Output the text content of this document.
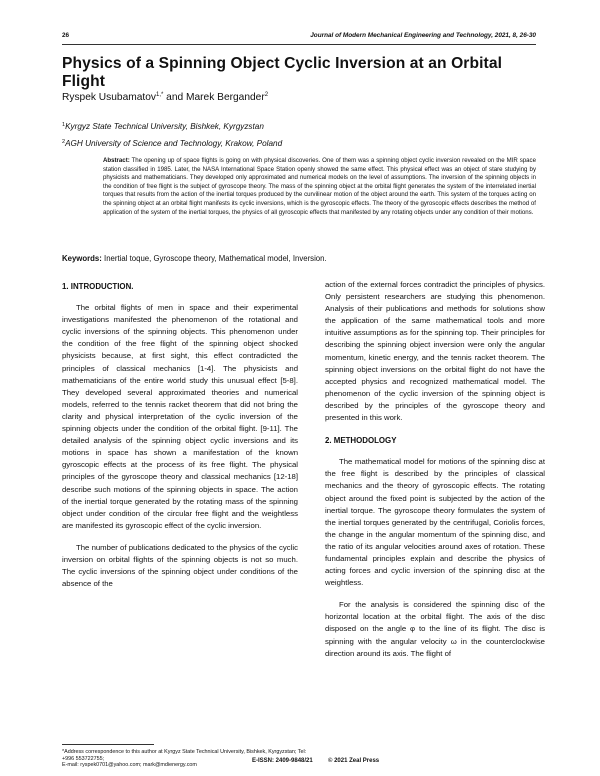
26	Journal of Modern Mechanical Engineering and Technology, 2021, 8, 26-30
Physics of a Spinning Object Cyclic Inversion at an Orbital Flight
Ryspek Usubamatov$^{1,*}$ and Marek Bergander$^2$
$^1$Kyrgyz State Technical University, Bishkek, Kyrgyzstan
$^2$AGH University of Science and Technology, Krakow, Poland
Abstract: The opening up of space flights is going on with physical discoveries. One of them was a spinning object cyclic inversion revealed on the MIR space station classified in 1985. Later, the NASA International Space Station openly showed the same effect. This physical effect was an object of stare studying by physicists and mathematicians. They developed only approximated and numerical models on the level of assumptions. The inversion of the spinning objects in the condition of free flight is the subject of gyroscope theory. The mass of the spinning object at the orbital flight generates the system of the interrelated inertial torques that results from the action of the inertial torques produced by the curvilinear motion of the object around the earth. This system of the torques acting on the spinning object at an orbital flight manifests its cyclic inversions, which is the gyroscopic effects. The theory of the gyroscopic effects describes the method of application of the system of the inertial torques, the physics of all gyroscopic effects that manifested by any rotating objects under any condition of their motions.
Keywords: Inertial toque, Gyroscope theory, Mathematical model, Inversion.
1. INTRODUCTION.

The orbital flights of men in space and their experimental investigations manifested the phenomenon of the rotational and cyclic inversions of the spinning objects. This phenomenon under the condition of the free flight of the spinning object shocked physicists because, at first sight, this effect contradicted the principles of classical mechanics [1-4]. The physicists and mathematicians of the entire world study this unusual effect [5-8]. They developed several approximated theories and numerical models, referred to the tennis racket theorem that did not bring the clarity and physical interpretation of the cyclic inversion of the spinning objects under the condition of the orbital flight. [9-11]. The detailed analysis of the spinning object cyclic inversions and its motions in space has shown a manifestation of the known gyroscopic effects at the process of its free flight. The physical principles of the gyroscope theory and classical mechanics [12-18] describe such motions of the spinning objects in space. The action of the inertial torque generated by the rotating mass of the spinning object under condition of the circular free flight and the weightless are manifested its gyroscopic effect of the cyclic inversion.

The number of publications dedicated to the physics of the cyclic inversion on orbital flights of the spinning objects is not so much. The cyclic inversions of the spinning object under conditions of the absence of the

action of the external forces contradict the principles of physics. Only persistent researchers are studying this phenomenon. Analysis of their publications and methods for solutions show the application of the same mathematical tools and more intuitive assumptions as for the spinning top. Their principles for describing the spinning object inversion were only the angular momentum, kinetic energy, and the tennis racket theorem. The spinning object inversions on the orbital flight do not have the accepted physics and recognized mathematical model. The phenomenon of the cyclic inversion of the spinning object is described by the principles of the gyroscope theory and presented in this work.

2. METHODOLOGY

The mathematical model for motions of the spinning disc at the free flight is described by the principles of classical mechanics and the theory of gyroscopic effects. The rotating object around the fixed point is subjected by the action of the inertial torque. The gyroscope theory formulates the system of the inertial torques generated by the centrifugal, Coriolis forces, the change in the angular momentum of the spinning disc, and the ratio of its angular velocities around axes of rotation. These fundamental principles explain and describe the physics of acting forces and cyclic inversion of the spinning disc at the weightless.

For the analysis is considered the spinning disc of the horizontal location at the orbital flight. The axis of the disc disposed on the angle φ to the line of its flight. The disc is spinning with the angular velocity ω in the counterclockwise direction around its axis. The flight of

*Address correspondence to this author at Kyrgyz State Technical University, Bishkek, Kyrgyzstan; Tel: +996 553722755;
E-mail: ryspek0701@yahoo.com; mark@mdienergy.com
E-ISSN: 2409-9848/21	© 2021 Zeal Press
